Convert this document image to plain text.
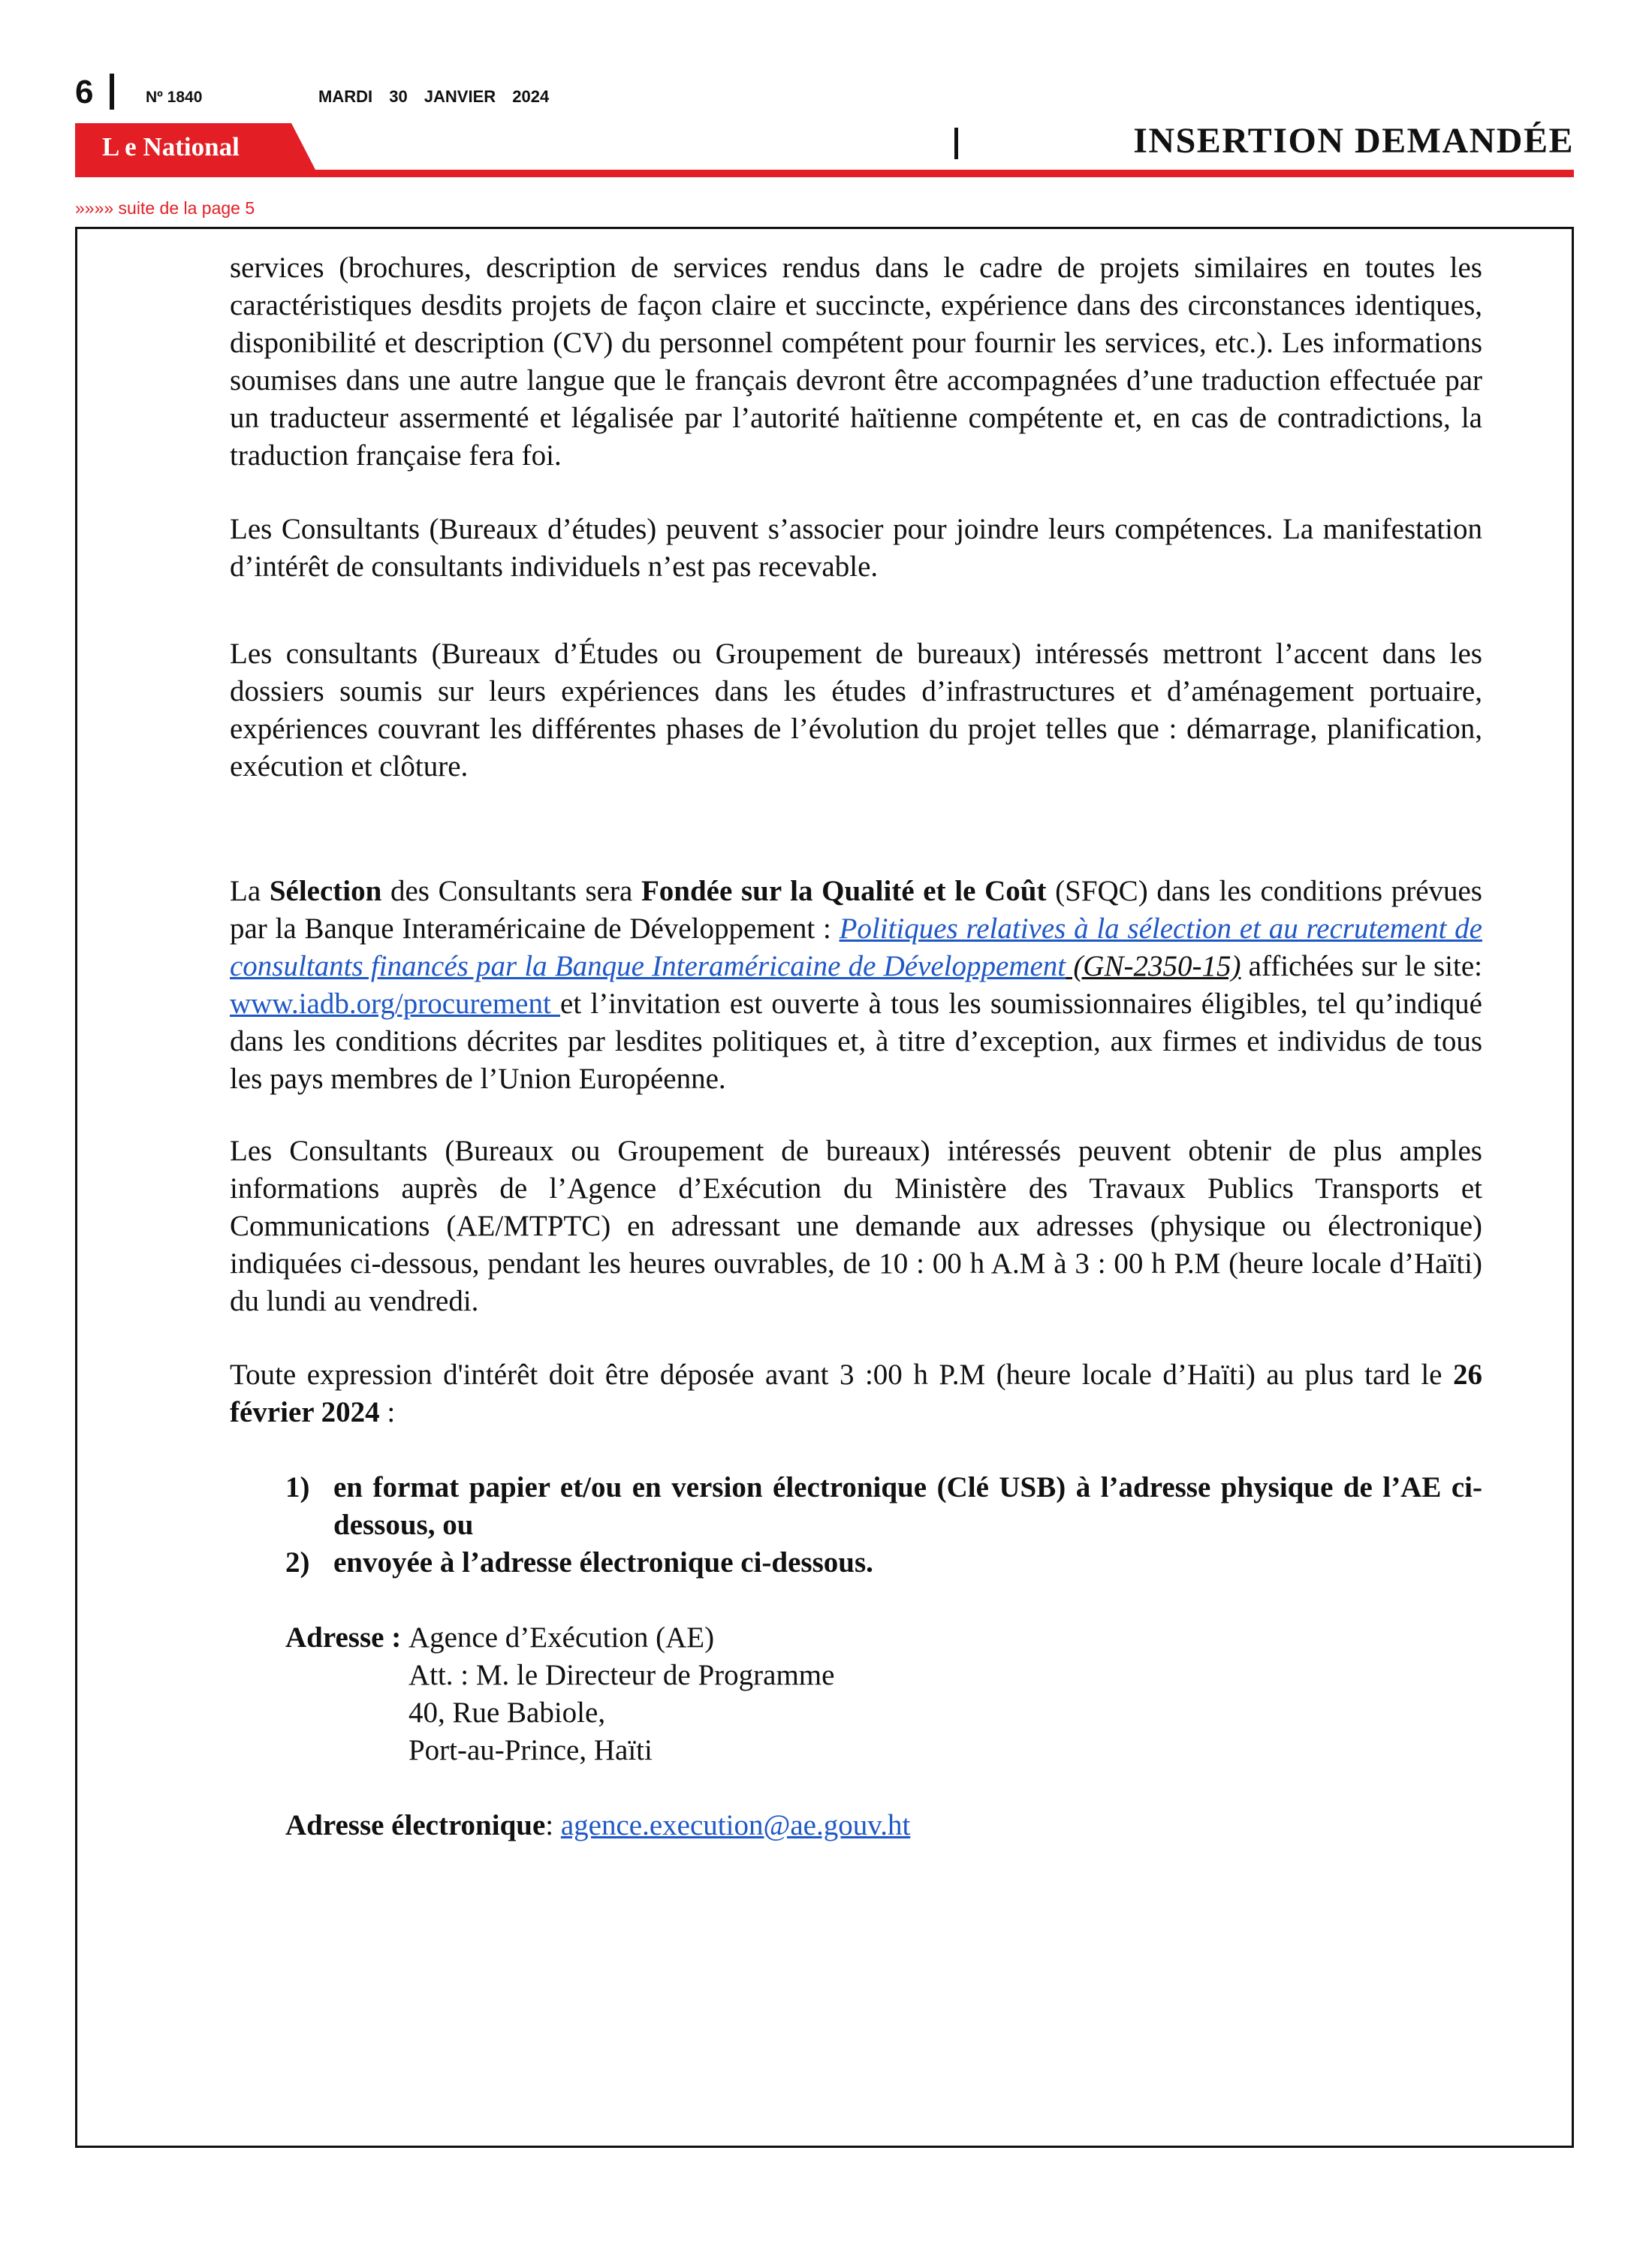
6	Nº 1840	MARDI 30 JANVIER 2024
L e National	INSERTION DEMANDÉE
»»»» suite de la page 5

services (brochures, description de services rendus dans le cadre de projets similaires en toutes les caractéristiques desdits projets de façon claire et succincte, expérience dans des circonstances identiques, disponibilité et description (CV) du personnel compétent pour fournir les services, etc.). Les informations soumises dans une autre langue que le français devront être accompagnées d’une traduction effectuée par un traducteur assermenté et légalisée par l’autorité haïtienne compétente et, en cas de contradictions, la traduction française fera foi.

Les Consultants (Bureaux d’études) peuvent s’associer pour joindre leurs compétences. La manifestation d’intérêt de consultants individuels n’est pas recevable.

Les consultants (Bureaux d’Études ou Groupement de bureaux) intéressés mettront l’accent dans les dossiers soumis sur leurs expériences dans les études d’infrastructures et d’aménagement portuaire, expériences couvrant les différentes phases de l’évolution du projet telles que : démarrage, planification, exécution et clôture.

La Sélection des Consultants sera Fondée sur la Qualité et le Coût (SFQC) dans les conditions prévues par la Banque Interaméricaine de Développement : Politiques relatives à la sélection et au recrutement de consultants financés par la Banque Interaméricaine de Développement (GN-2350-15) affichées sur le site: www.iadb.org/procurement et l’invitation est ouverte à tous les soumissionnaires éligibles, tel qu’indiqué dans les conditions décrites par lesdites politiques et, à titre d’exception, aux firmes et individus de tous les pays membres de l’Union Européenne.

Les Consultants (Bureaux ou Groupement de bureaux) intéressés peuvent obtenir de plus amples informations auprès de l’Agence d’Exécution du Ministère des Travaux Publics Transports et Communications (AE/MTPTC) en adressant une demande aux adresses (physique ou électronique) indiquées ci-dessous, pendant les heures ouvrables, de 10 : 00 h A.M à 3 : 00 h P.M (heure locale d’Haïti) du lundi au vendredi.

Toute expression d'intérêt doit être déposée avant 3 :00 h P.M (heure locale d’Haïti) au plus tard le 26 février 2024 :

1) en format papier et/ou en version électronique (Clé USB) à l’adresse physique de l’AE ci-dessous, ou
2) envoyée à l’adresse électronique ci-dessous.
Adresse : Agence d’Exécution (AE)
Att. : M. le Directeur de Programme
40, Rue Babiole,
Port-au-Prince, Haïti
Adresse électronique: agence.execution@ae.gouv.ht
